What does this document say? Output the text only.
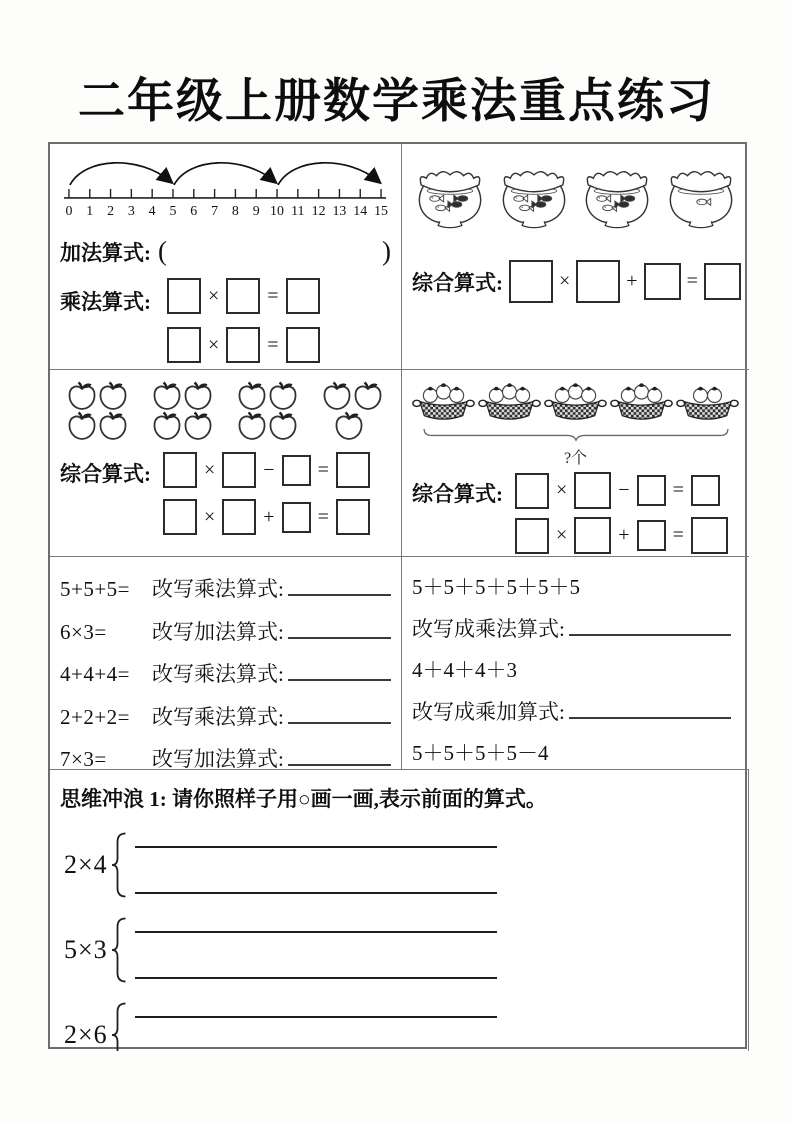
二年级上册数学乘法重点练习
0 1 2 3 4 5 6 7 8 9 10 11 12 13 14 15
加法算式: (	)
乘法算式:	× =
× =
综合算式:	×	+ =
综合算式:	× − =
× + =
?个
综合算式:	×	− =
×	+ =
5+5+5=	改写乘法算式:
6×3=	改写加法算式:
4+4+4=	改写乘法算式:
2+2+2=	改写乘法算式:
7×3=	改写加法算式:
5＋5＋5＋5＋5＋5
改写成乘法算式:
4＋4＋4＋3
改写成乘加算式:
5＋5＋5＋5－4
思维冲浪 1: 请你照样子用○画一画,表示前面的算式。
2×4
5×3
2×6
